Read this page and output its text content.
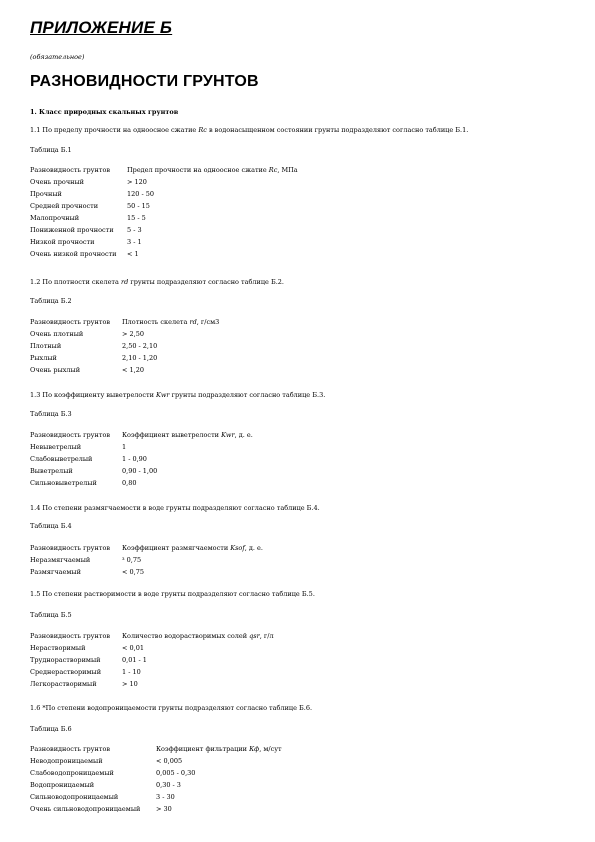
ПРИЛОЖЕНИЕ Б

(обязательное)

РАЗНОВИДНОСТИ ГРУНТОВ

1. Класс природных скальных грунтов

1.1 По пределу прочности на одноосное сжатие Rc в водонасыщенном состоянии грунты подразделяют согласно таблице Б.1.

Таблица Б.1

Разновидность грунтов	Предел прочности на одноосное сжатие Rc, МПа
Очень прочный	> 120
Прочный	120 - 50
Средней прочности	50 - 15
Малопрочный	15 - 5
Пониженной прочности	5 - 3
Низкой прочности	3 - 1
Очень низкой прочности	< 1

1.2 По плотности скелета rd грунты подразделяют согласно таблице Б.2.

Таблица Б.2

Разновидность грунтов	Плотность скелета rd, г/см3
Очень плотный	> 2,50
Плотный	2,50 - 2,10
Рыхлый	2,10 - 1,20
Очень рыхлый	< 1,20

1.3 По коэффициенту выветрелости Kwr грунты подразделяют согласно таблице Б.3.

Таблица Б.3

Разновидность грунтов	Коэффициент выветрелости Kwr, д. е.
Невыветрелый	1
Слабовыветрелый	1 - 0,90
Выветрелый	0,90 - 1,00
Сильновыветрелый	0,80

1.4 По степени размягчаемости в воде грунты подразделяют согласно таблице Б.4.

Таблица Б.4

Разновидность грунтов	Коэффициент размягчаемости Ksof, д. е.
Неразмягчаемый	³ 0,75
Размягчаемый	< 0,75

1.5 По степени растворимости в воде грунты подразделяют согласно таблице Б.5.

Таблица Б.5

Разновидность грунтов	Количество водорастворимых солей qsr, г/л
Нерастворимый	< 0,01
Труднорастворимый	0,01 - 1
Среднерастворимый	1 - 10
Легкорастворимый	> 10

1.6 *По степени водопроницаемости грунты подразделяют согласно таблице Б.6.

Таблица Б.6

Разновидность грунтов	Коэффициент фильтрации Кф, м/сут
Неводопроницаемый	< 0,005
Слабоводопроницаемый	0,005 - 0,30
Водопроницаемый	0,30 - 3
Сильноводопроницаемый	3 - 30
Очень сильноводопроницаемый	> 30
